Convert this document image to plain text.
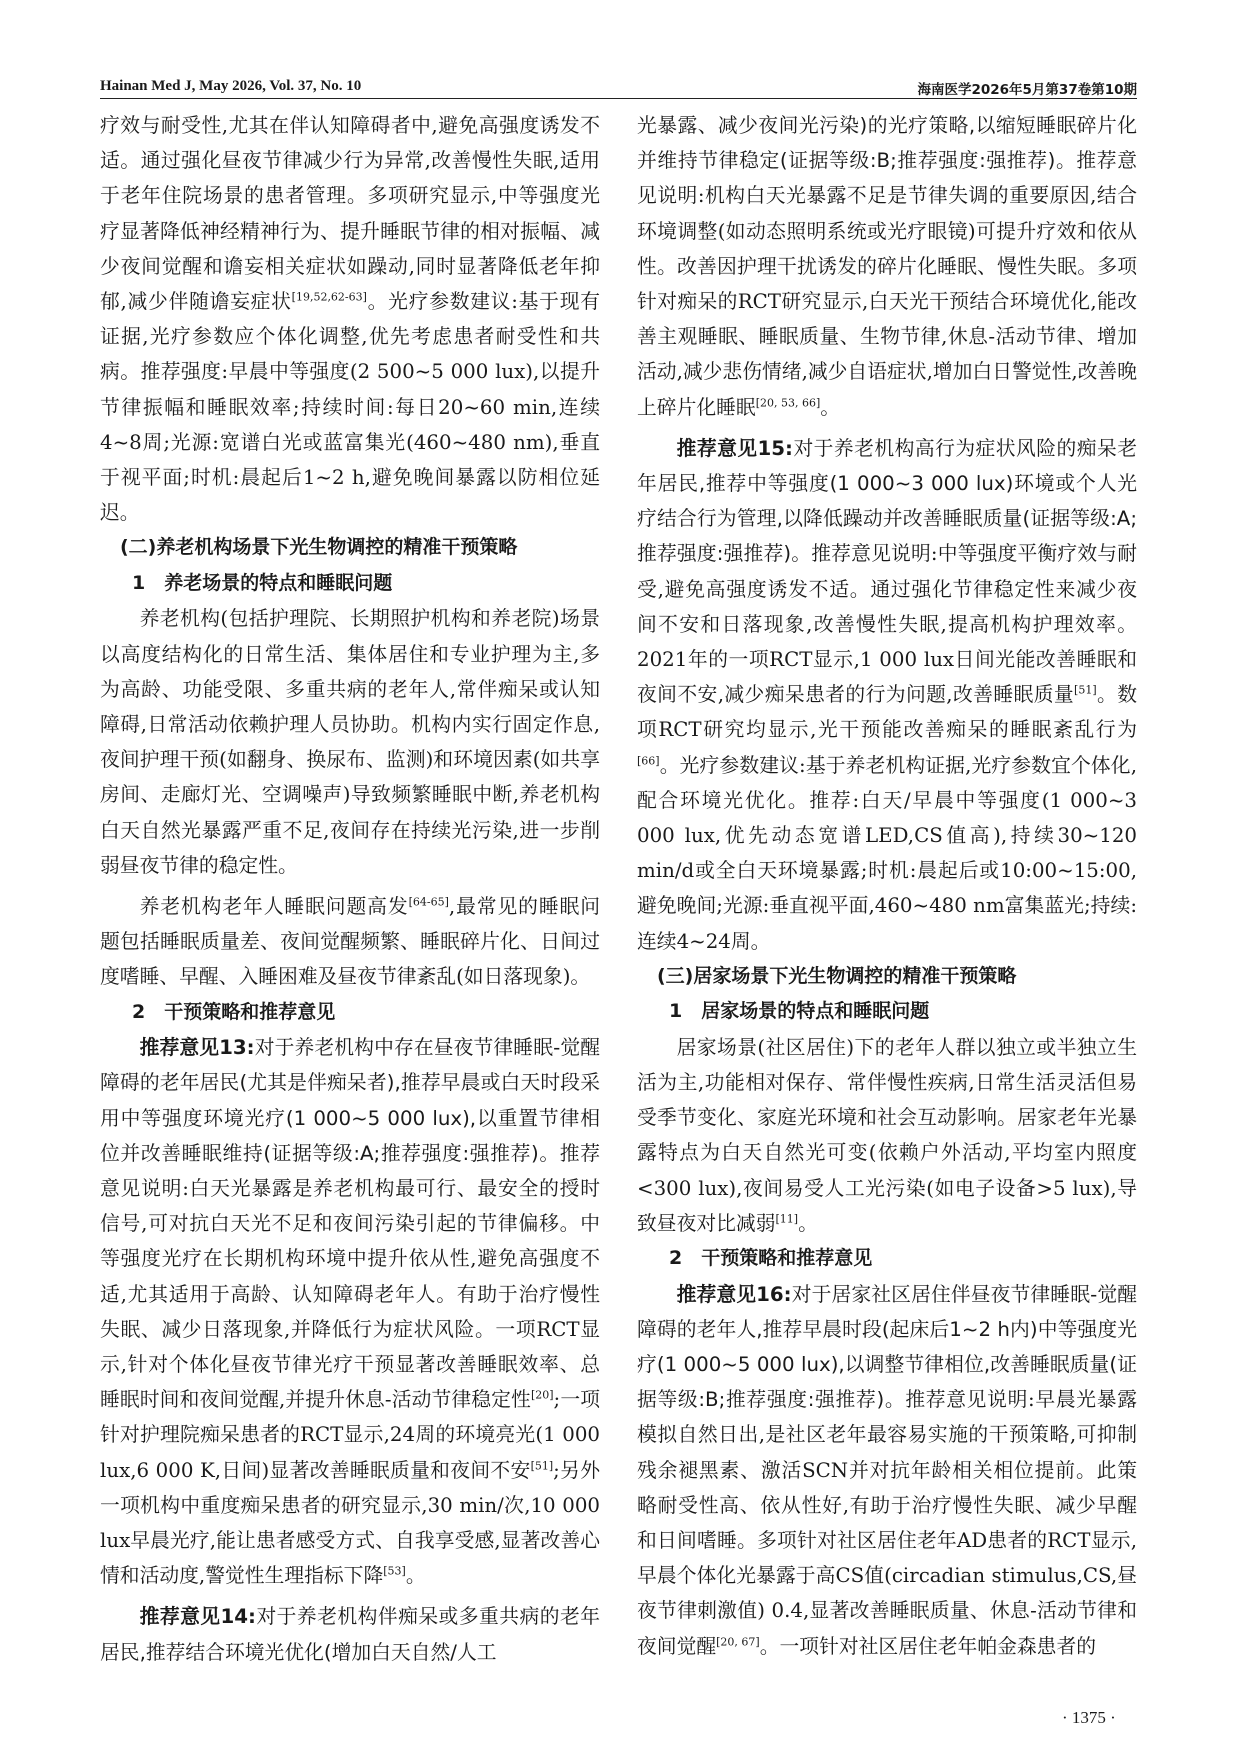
Hainan Med J, May 2026, Vol. 37, No. 10	海南医学2026年5月第37卷第10期

疗效与耐受性,尤其在伴认知障碍者中,避免高强度诱发不适。通过强化昼夜节律减少行为异常,改善慢性失眠,适用于老年住院场景的患者管理。多项研究显示,中等强度光疗显著降低神经精神行为、提升睡眠节律的相对振幅、减少夜间觉醒和谵妄相关症状如躁动,同时显著降低老年抑郁,减少伴随谵妄症状[19,52,62-63]。光疗参数建议:基于现有证据,光疗参数应个体化调整,优先考虑患者耐受性和共病。推荐强度:早晨中等强度(2 500~5 000 lux),以提升节律振幅和睡眠效率;持续时间:每日20~60 min,连续4~8周;光源:宽谱白光或蓝富集光(460~480 nm),垂直于视平面;时机:晨起后1~2 h,避免晚间暴露以防相位延迟。

(二)养老机构场景下光生物调控的精准干预策略

1　养老场景的特点和睡眠问题

养老机构(包括护理院、长期照护机构和养老院)场景以高度结构化的日常生活、集体居住和专业护理为主,多为高龄、功能受限、多重共病的老年人,常伴痴呆或认知障碍,日常活动依赖护理人员协助。机构内实行固定作息,夜间护理干预(如翻身、换尿布、监测)和环境因素(如共享房间、走廊灯光、空调噪声)导致频繁睡眠中断,养老机构白天自然光暴露严重不足,夜间存在持续光污染,进一步削弱昼夜节律的稳定性。

养老机构老年人睡眠问题高发[64-65],最常见的睡眠问题包括睡眠质量差、夜间觉醒频繁、睡眠碎片化、日间过度嗜睡、早醒、入睡困难及昼夜节律紊乱(如日落现象)。

2　干预策略和推荐意见

推荐意见13:对于养老机构中存在昼夜节律睡眠-觉醒障碍的老年居民(尤其是伴痴呆者),推荐早晨或白天时段采用中等强度环境光疗(1 000~5 000 lux),以重置节律相位并改善睡眠维持(证据等级:A;推荐强度:强推荐)。推荐意见说明:白天光暴露是养老机构最可行、最安全的授时信号,可对抗白天光不足和夜间污染引起的节律偏移。中等强度光疗在长期机构环境中提升依从性,避免高强度不适,尤其适用于高龄、认知障碍老年人。有助于治疗慢性失眠、减少日落现象,并降低行为症状风险。一项RCT显示,针对个体化昼夜节律光疗干预显著改善睡眠效率、总睡眠时间和夜间觉醒,并提升休息-活动节律稳定性[20];一项针对护理院痴呆患者的RCT显示,24周的环境亮光(1 000 lux,6 000 K,日间)显著改善睡眠质量和夜间不安[51];另外一项机构中重度痴呆患者的研究显示,30 min/次,10 000 lux早晨光疗,能让患者感受方式、自我享受感,显著改善心情和活动度,警觉性生理指标下降[53]。

推荐意见14:对于养老机构伴痴呆或多重共病的老年居民,推荐结合环境光优化(增加白天自然/人工

光暴露、减少夜间光污染)的光疗策略,以缩短睡眠碎片化并维持节律稳定(证据等级:B;推荐强度:强推荐)。推荐意见说明:机构白天光暴露不足是节律失调的重要原因,结合环境调整(如动态照明系统或光疗眼镜)可提升疗效和依从性。改善因护理干扰诱发的碎片化睡眠、慢性失眠。多项针对痴呆的RCT研究显示,白天光干预结合环境优化,能改善主观睡眠、睡眠质量、生物节律,休息-活动节律、增加活动,减少悲伤情绪,减少自语症状,增加白日警觉性,改善晚上碎片化睡眠[20, 53, 66]。

推荐意见15:对于养老机构高行为症状风险的痴呆老年居民,推荐中等强度(1 000~3 000 lux)环境或个人光疗结合行为管理,以降低躁动并改善睡眠质量(证据等级:A;推荐强度:强推荐)。推荐意见说明:中等强度平衡疗效与耐受,避免高强度诱发不适。通过强化节律稳定性来减少夜间不安和日落现象,改善慢性失眠,提高机构护理效率。2021年的一项RCT显示,1 000 lux日间光能改善睡眠和夜间不安,减少痴呆患者的行为问题,改善睡眠质量[51]。数项RCT研究均显示,光干预能改善痴呆的睡眠紊乱行为[66]。光疗参数建议:基于养老机构证据,光疗参数宜个体化,配合环境光优化。推荐:白天/早晨中等强度(1 000~3 000 lux,优先动态宽谱LED,CS值高),持续30~120 min/d或全白天环境暴露;时机:晨起后或10:00~15:00,避免晚间;光源:垂直视平面,460~480 nm富集蓝光;持续:连续4~24周。

(三)居家场景下光生物调控的精准干预策略

1　居家场景的特点和睡眠问题

居家场景(社区居住)下的老年人群以独立或半独立生活为主,功能相对保存、常伴慢性疾病,日常生活灵活但易受季节变化、家庭光环境和社会互动影响。居家老年光暴露特点为白天自然光可变(依赖户外活动,平均室内照度<300 lux),夜间易受人工光污染(如电子设备>5 lux),导致昼夜对比减弱[11]。

2　干预策略和推荐意见

推荐意见16:对于居家社区居住伴昼夜节律睡眠-觉醒障碍的老年人,推荐早晨时段(起床后1~2 h内)中等强度光疗(1 000~5 000 lux),以调整节律相位,改善睡眠质量(证据等级:B;推荐强度:强推荐)。推荐意见说明:早晨光暴露模拟自然日出,是社区老年最容易实施的干预策略,可抑制残余褪黑素、激活SCN并对抗年龄相关相位提前。此策略耐受性高、依从性好,有助于治疗慢性失眠、减少早醒和日间嗜睡。多项针对社区居住老年AD患者的RCT显示,早晨个体化光暴露于高CS值(circadian stimulus,CS,昼夜节律刺激值) 0.4,显著改善睡眠质量、休息-活动节律和夜间觉醒[20, 67]。一项针对社区居住老年帕金森患者的

· 1375 ·
